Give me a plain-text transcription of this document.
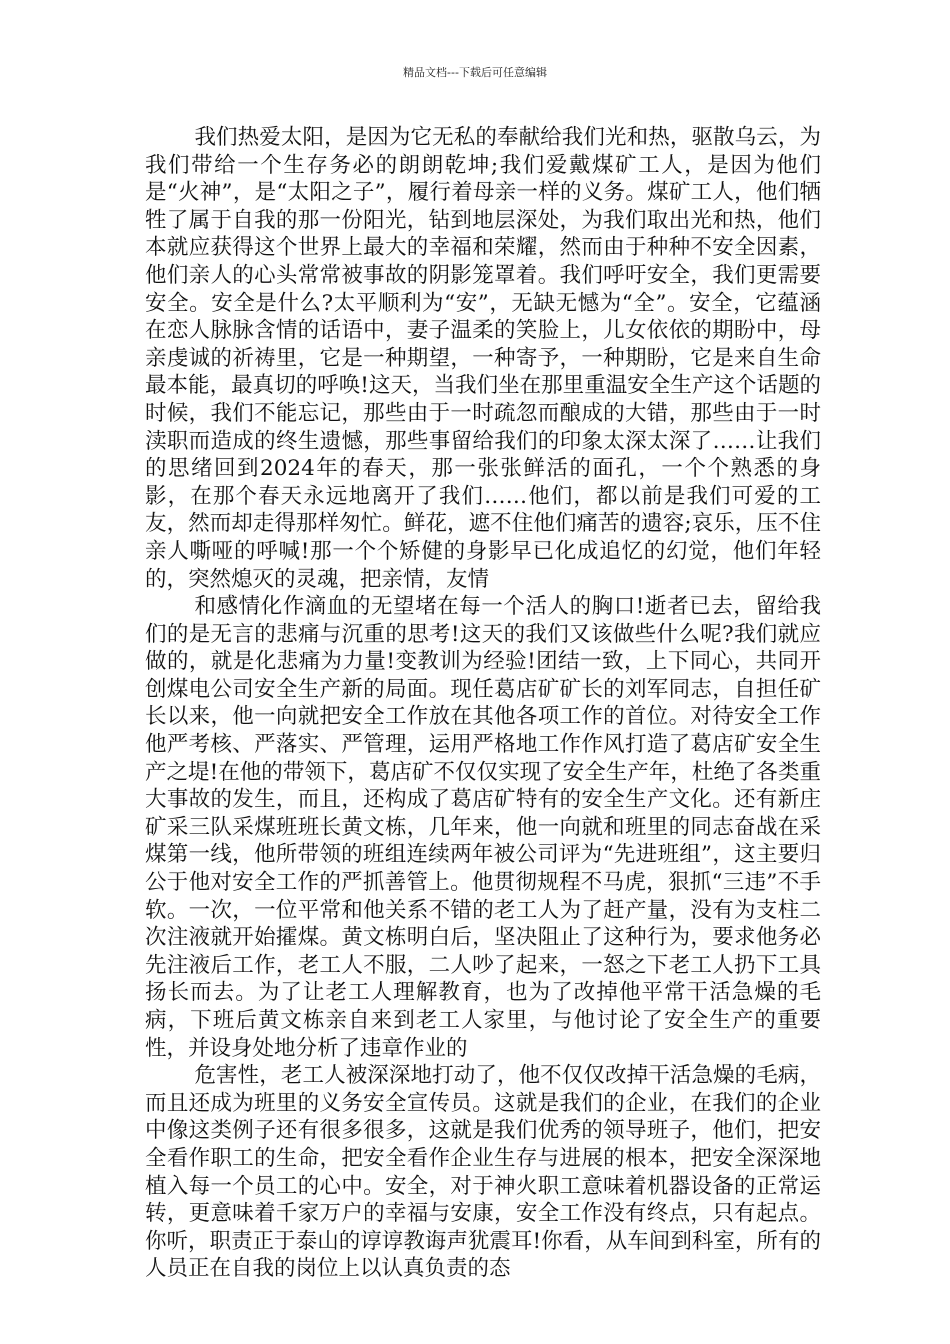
精品文档---下载后可任意编辑

我们热爱太阳，是因为它无私的奉献给我们光和热，驱散乌云，为我们带给一个生存务必的朗朗乾坤;我们爱戴煤矿工人，是因为他们是“火神”，是“太阳之子”，履行着母亲一样的义务。煤矿工人，他们牺牲了属于自我的那一份阳光，钻到地层深处，为我们取出光和热，他们本就应获得这个世界上最大的幸福和荣耀，然而由于种种不安全因素，他们亲人的心头常常被事故的阴影笼罩着。我们呼吁安全，我们更需要安全。安全是什么?太平顺利为“安”，无缺无憾为“全”。安全，它蕴涵在恋人脉脉含情的话语中，妻子温柔的笑脸上，儿女依依的期盼中，母亲虔诚的祈祷里，它是一种期望，一种寄予，一种期盼，它是来自生命最本能，最真切的呼唤!这天，当我们坐在那里重温安全生产这个话题的时候，我们不能忘记，那些由于一时疏忽而酿成的大错，那些由于一时渎职而造成的终生遗憾，那些事留给我们的印象太深太深了……让我们的思绪回到2024年的春天，那一张张鲜活的面孔，一个个熟悉的身影，在那个春天永远地离开了我们……他们，都以前是我们可爱的工友，然而却走得那样匆忙。鲜花，遮不住他们痛苦的遗容;哀乐，压不住亲人嘶哑的呼喊!那一个个矫健的身影早已化成追忆的幻觉，他们年轻的，突然熄灭的灵魂，把亲情，友情

和感情化作滴血的无望堵在每一个活人的胸口!逝者已去，留给我们的是无言的悲痛与沉重的思考!这天的我们又该做些什么呢?我们就应做的，就是化悲痛为力量!变教训为经验!团结一致，上下同心，共同开创煤电公司安全生产新的局面。现任葛店矿矿长的刘军同志，自担任矿长以来，他一向就把安全工作放在其他各项工作的首位。对待安全工作他严考核、严落实、严管理，运用严格地工作作风打造了葛店矿安全生产之堤!在他的带领下，葛店矿不仅仅实现了安全生产年，杜绝了各类重大事故的发生，而且，还构成了葛店矿特有的安全生产文化。还有新庄矿采三队采煤班班长黄文栋，几年来，他一向就和班里的同志奋战在采煤第一线，他所带领的班组连续两年被公司评为“先进班组”，这主要归公于他对安全工作的严抓善管上。他贯彻规程不马虎，狠抓“三违”不手软。一次，一位平常和他关系不错的老工人为了赶产量，没有为支柱二次注液就开始攉煤。黄文栋明白后，坚决阻止了这种行为，要求他务必先注液后工作，老工人不服，二人吵了起来，一怒之下老工人扔下工具扬长而去。为了让老工人理解教育，也为了改掉他平常干活急燥的毛病，下班后黄文栋亲自来到老工人家里，与他讨论了安全生产的重要性，并设身处地分析了违章作业的

危害性，老工人被深深地打动了，他不仅仅改掉干活急燥的毛病，而且还成为班里的义务安全宣传员。这就是我们的企业，在我们的企业中像这类例子还有很多很多，这就是我们优秀的领导班子，他们，把安全看作职工的生命，把安全看作企业生存与进展的根本，把安全深深地植入每一个员工的心中。安全，对于神火职工意味着机器设备的正常运转，更意味着千家万户的幸福与安康，安全工作没有终点，只有起点。你听，职责正于泰山的谆谆教诲声犹震耳!你看，从车间到科室，所有的人员正在自我的岗位上以认真负责的态
